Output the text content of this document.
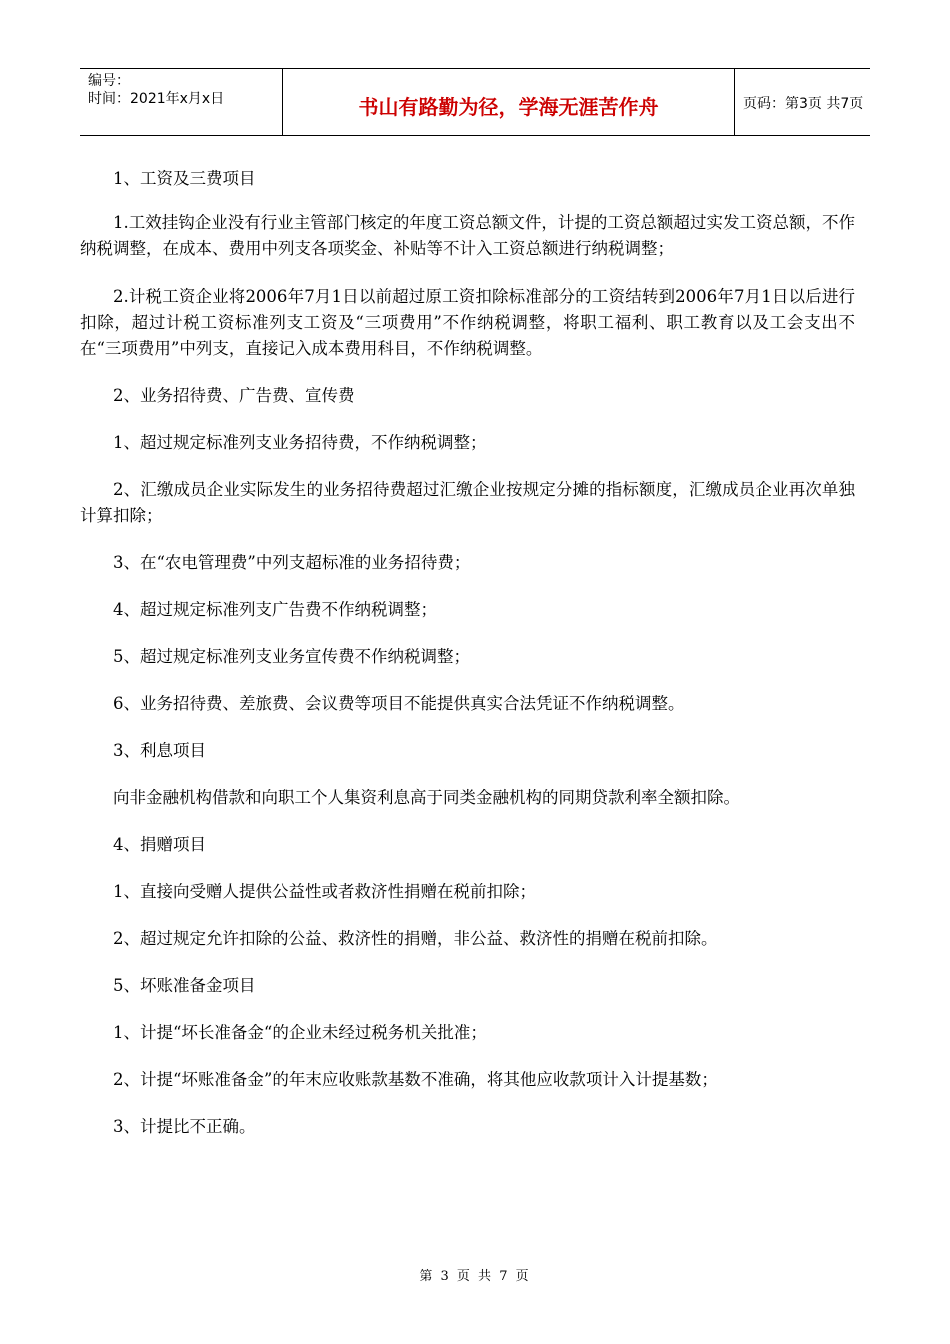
编号：
时间：2021年x月x日	书山有路勤为径，学海无涯苦作舟	页码：第3页 共7页

1、工资及三费项目

1.工效挂钩企业没有行业主管部门核定的年度工资总额文件，计提的工资总额超过实发工资总额，不作纳税调整，在成本、费用中列支各项奖金、补贴等不计入工资总额进行纳税调整；

2.计税工资企业将2006年7月1日以前超过原工资扣除标准部分的工资结转到2006年7月1日以后进行扣除，超过计税工资标准列支工资及“三项费用”不作纳税调整，将职工福利、职工教育以及工会支出不在“三项费用”中列支，直接记入成本费用科目，不作纳税调整。

2、业务招待费、广告费、宣传费

1、超过规定标准列支业务招待费，不作纳税调整；

2、汇缴成员企业实际发生的业务招待费超过汇缴企业按规定分摊的指标额度，汇缴成员企业再次单独计算扣除；

3、在“农电管理费”中列支超标准的业务招待费；

4、超过规定标准列支广告费不作纳税调整；

5、超过规定标准列支业务宣传费不作纳税调整；

6、业务招待费、差旅费、会议费等项目不能提供真实合法凭证不作纳税调整。

3、利息项目

向非金融机构借款和向职工个人集资利息高于同类金融机构的同期贷款利率全额扣除。

4、捐赠项目

1、直接向受赠人提供公益性或者救济性捐赠在税前扣除；

2、超过规定允许扣除的公益、救济性的捐赠，非公益、救济性的捐赠在税前扣除。

5、坏账准备金项目

1、计提“坏长准备金“的企业未经过税务机关批准；

2、计提“坏账准备金”的年末应收账款基数不准确，将其他应收款项计入计提基数；

3、计提比不正确。

第 3 页 共 7 页
